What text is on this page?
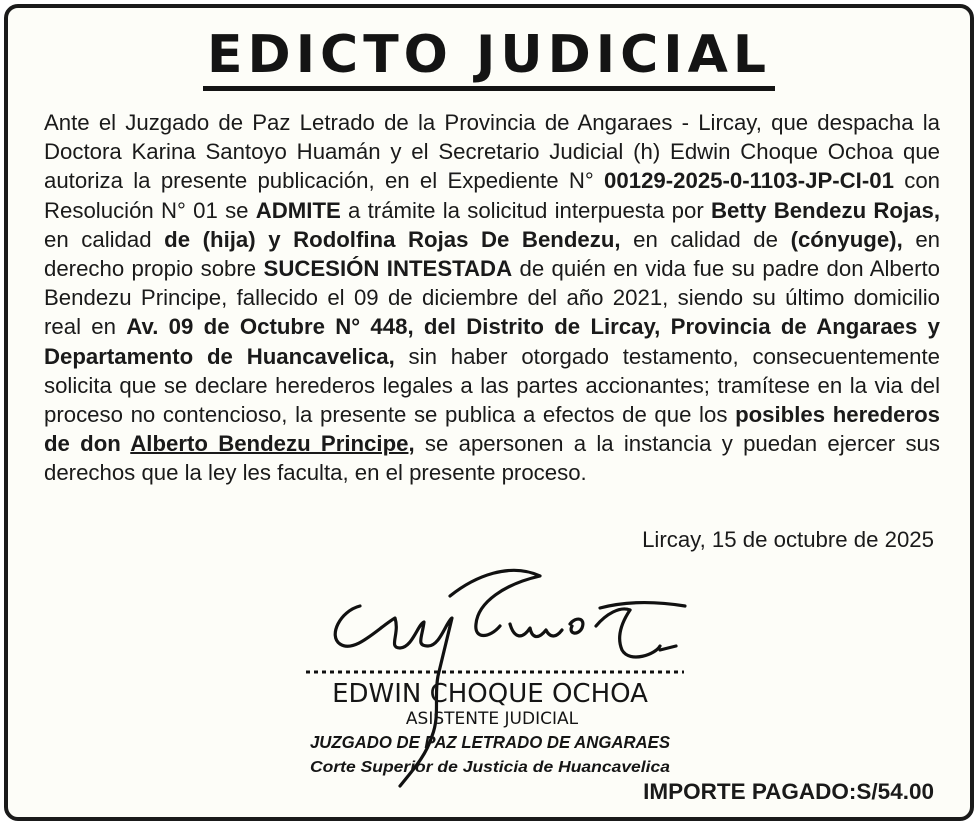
EDICTO JUDICIAL
Ante el Juzgado de Paz Letrado de la Provincia de Angaraes - Lircay, que despacha la Doctora Karina Santoyo Huamán y el Secretario Judicial (h) Edwin Choque Ochoa que autoriza la presente publicación, en el Expediente N° 00129-2025-0-1103-JP-CI-01 con Resolución N° 01 se ADMITE a trámite la solicitud interpuesta por Betty Bendezu Rojas, en calidad de (hija) y Rodolfina Rojas De Bendezu, en calidad de (cónyuge), en derecho propio sobre SUCESIÓN INTESTADA de quién en vida fue su padre don Alberto Bendezu Principe, fallecido el 09 de diciembre del año 2021, siendo su último domicilio real en Av. 09 de Octubre N° 448, del Distrito de Lircay, Provincia de Angaraes y Departamento de Huancavelica, sin haber otorgado testamento, consecuentemente solicita que se declare herederos legales a las partes accionantes; tramítese en la via del proceso no contencioso, la presente se publica a efectos de que los posibles herederos de don Alberto Bendezu Principe, se apersonen a la instancia y puedan ejercer sus derechos que la ley les faculta, en el presente proceso.
Lircay, 15 de octubre de 2025
EDWIN CHOQUE OCHOA
ASISTENTE JUDICIAL
JUZGADO DE PAZ LETRADO DE ANGARAES
Corte Superior de Justicia de Huancavelica
IMPORTE PAGADO:S/54.00
